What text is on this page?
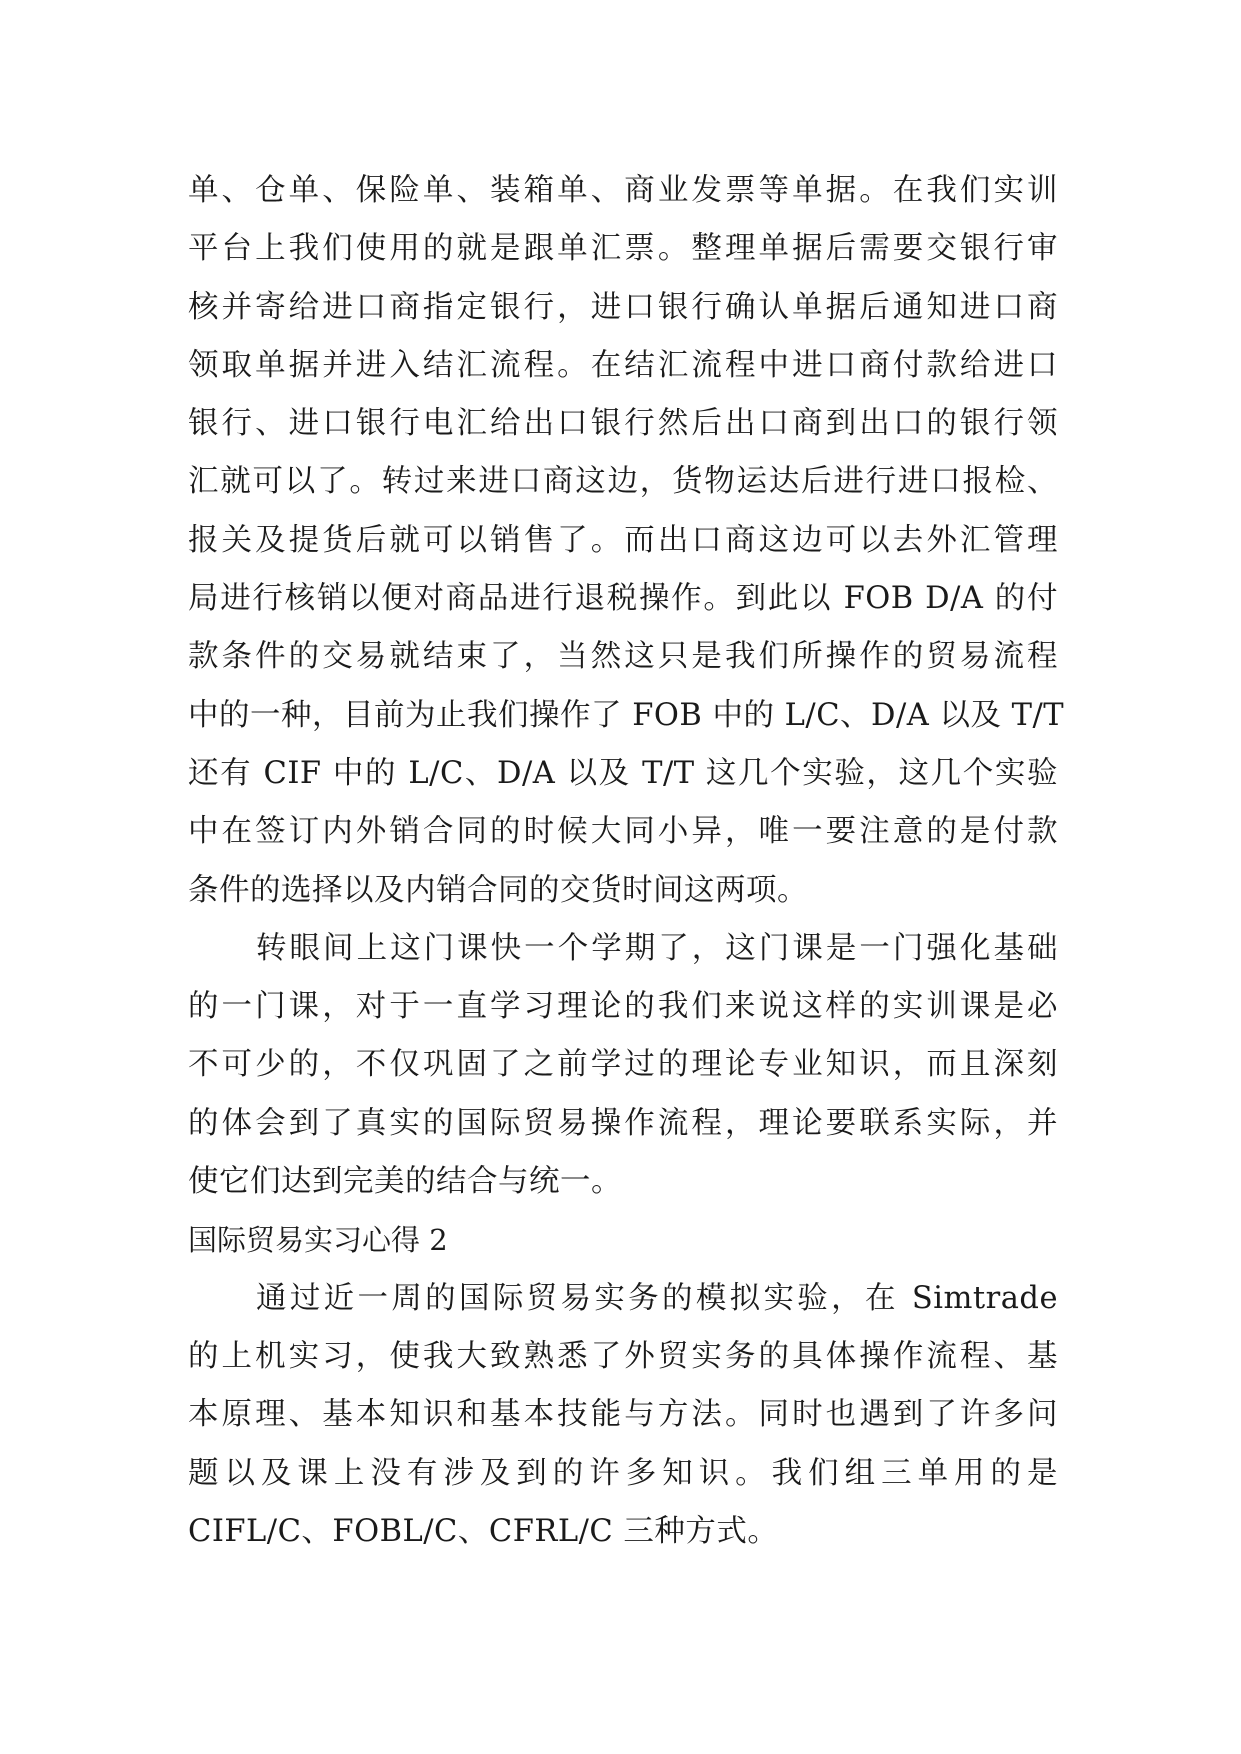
单、仓单、保险单、装箱单、商业发票等单据。在我们实训
平台上我们使用的就是跟单汇票。整理单据后需要交银行审
核并寄给进口商指定银行，进口银行确认单据后通知进口商
领取单据并进入结汇流程。在结汇流程中进口商付款给进口
银行、进口银行电汇给出口银行然后出口商到出口的银行领
汇就可以了。转过来进口商这边，货物运达后进行进口报检、
报关及提货后就可以销售了。而出口商这边可以去外汇管理
局进行核销以便对商品进行退税操作。到此以 FOB D/A 的付
款条件的交易就结束了，当然这只是我们所操作的贸易流程
中的一种，目前为止我们操作了 FOB 中的 L/C、D/A 以及 T/T
还有 CIF 中的 L/C、D/A 以及 T/T 这几个实验，这几个实验
中在签订内外销合同的时候大同小异，唯一要注意的是付款
条件的选择以及内销合同的交货时间这两项。
转眼间上这门课快一个学期了，这门课是一门强化基础
的一门课，对于一直学习理论的我们来说这样的实训课是必
不可少的，不仅巩固了之前学过的理论专业知识，而且深刻
的体会到了真实的国际贸易操作流程，理论要联系实际，并
使它们达到完美的结合与统一。
国际贸易实习心得 2
通过近一周的国际贸易实务的模拟实验，在 Simtrade
的上机实习，使我大致熟悉了外贸实务的具体操作流程、基
本原理、基本知识和基本技能与方法。同时也遇到了许多问
题以及课上没有涉及到的许多知识。我们组三单用的是
CIFL/C、FOBL/C、CFRL/C 三种方式。
